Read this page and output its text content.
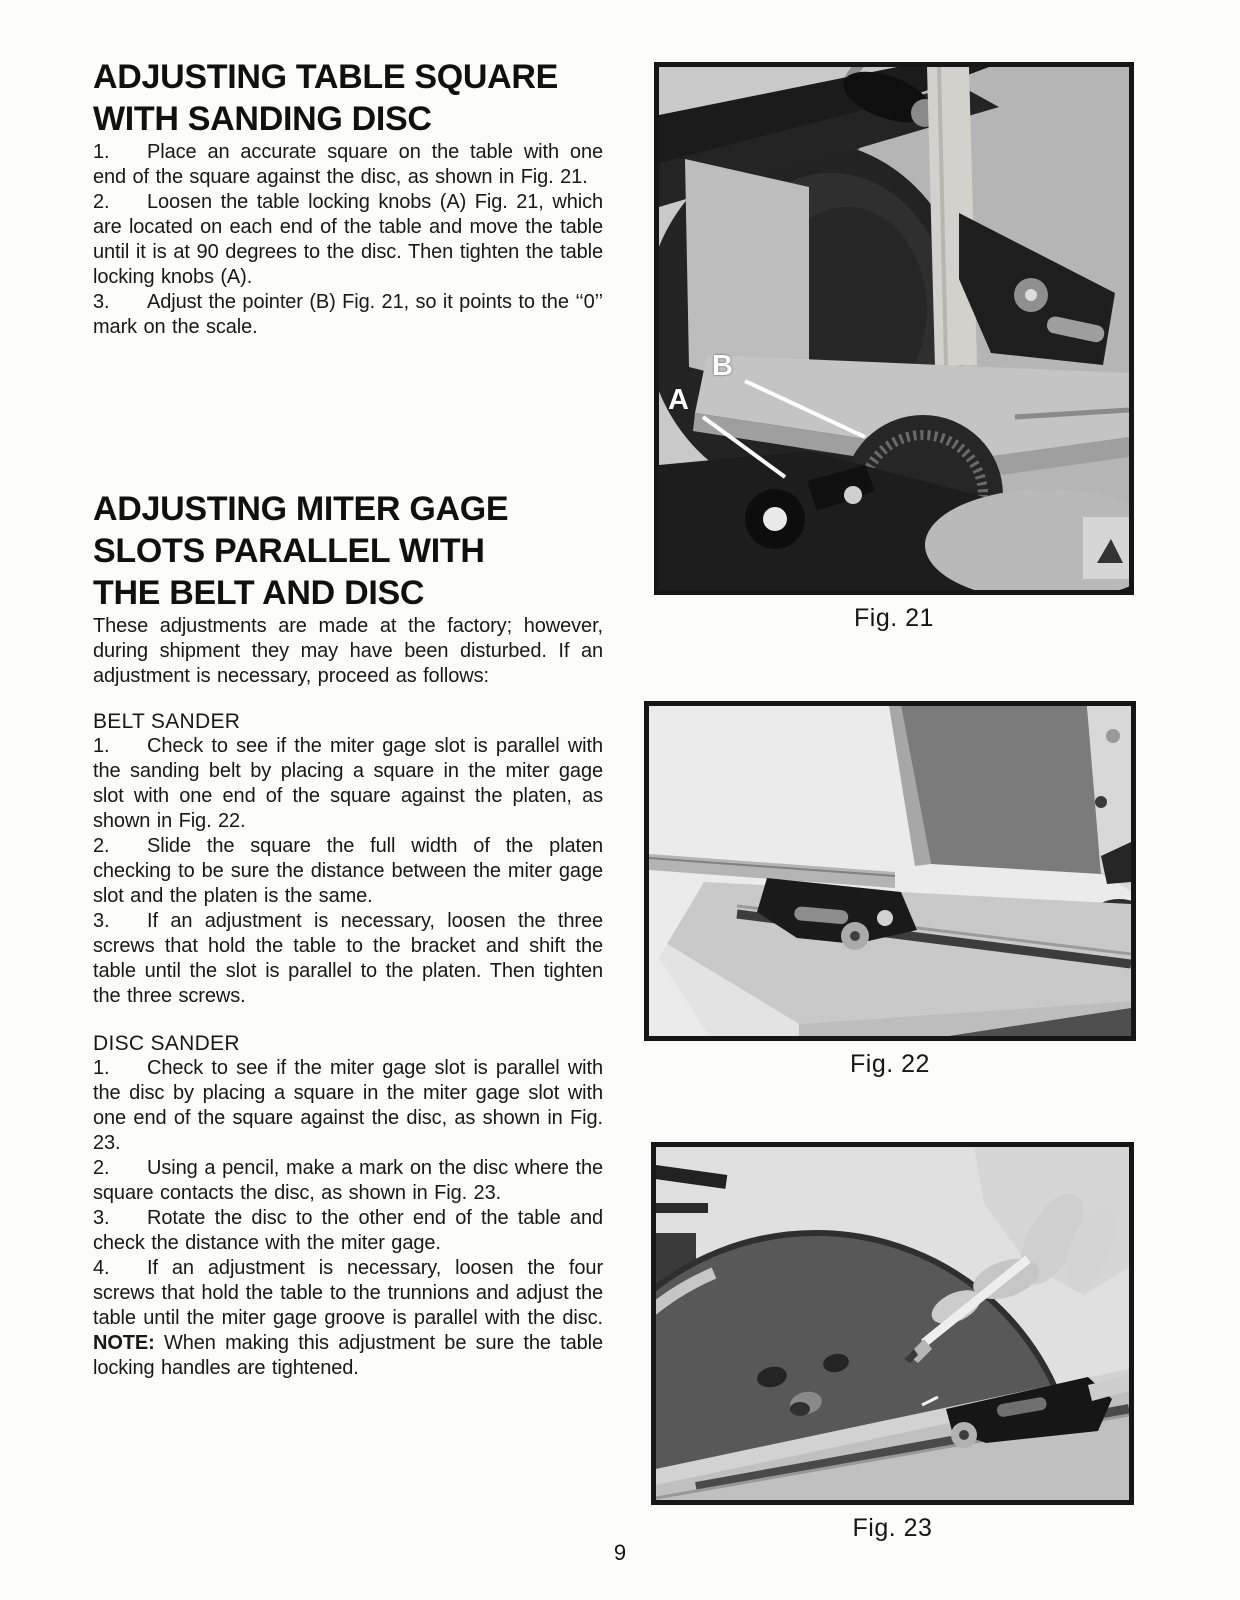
ADJUSTING TABLE SQUARE
WITH SANDING DISC

1. Place an accurate square on the table with one end of the square against the disc, as shown in Fig. 21.

2. Loosen the table locking knobs (A) Fig. 21, which are located on each end of the table and move the table until it is at 90 degrees to the disc. Then tighten the table locking knobs (A).

3. Adjust the pointer (B) Fig. 21, so it points to the ‘‘0’’ mark on the scale.

ADJUSTING MITER GAGE
SLOTS PARALLEL WITH
THE BELT AND DISC

These adjustments are made at the factory; however, during shipment they may have been disturbed. If an adjustment is necessary, proceed as follows:

BELT SANDER

1. Check to see if the miter gage slot is parallel with the sanding belt by placing a square in the miter gage slot with one end of the square against the platen, as shown in Fig. 22.

2. Slide the square the full width of the platen checking to be sure the distance between the miter gage slot and the platen is the same.

3. If an adjustment is necessary, loosen the three screws that hold the table to the bracket and shift the table until the slot is parallel to the platen. Then tighten the three screws.

DISC SANDER

1. Check to see if the miter gage slot is parallel with the disc by placing a square in the miter gage slot with one end of the square against the disc, as shown in Fig. 23.

2. Using a pencil, make a mark on the disc where the square contacts the disc, as shown in Fig. 23.

3. Rotate the disc to the other end of the table and check the distance with the miter gage.

4. If an adjustment is necessary, loosen the four screws that hold the table to the trunnions and adjust the table until the miter gage groove is parallel with the disc. NOTE: When making this adjustment be sure the table locking handles are tightened.

B
A
Fig. 21
Fig. 22
Fig. 23
9
